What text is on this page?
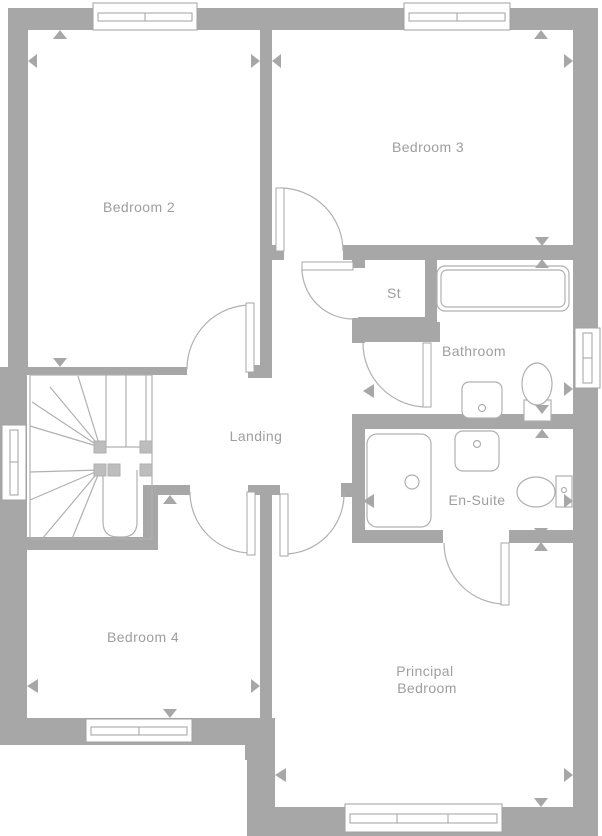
Bedroom 2
Bedroom 3
St
Bathroom
Landing
En-Suite
Bedroom 4
Principal Bedroom
